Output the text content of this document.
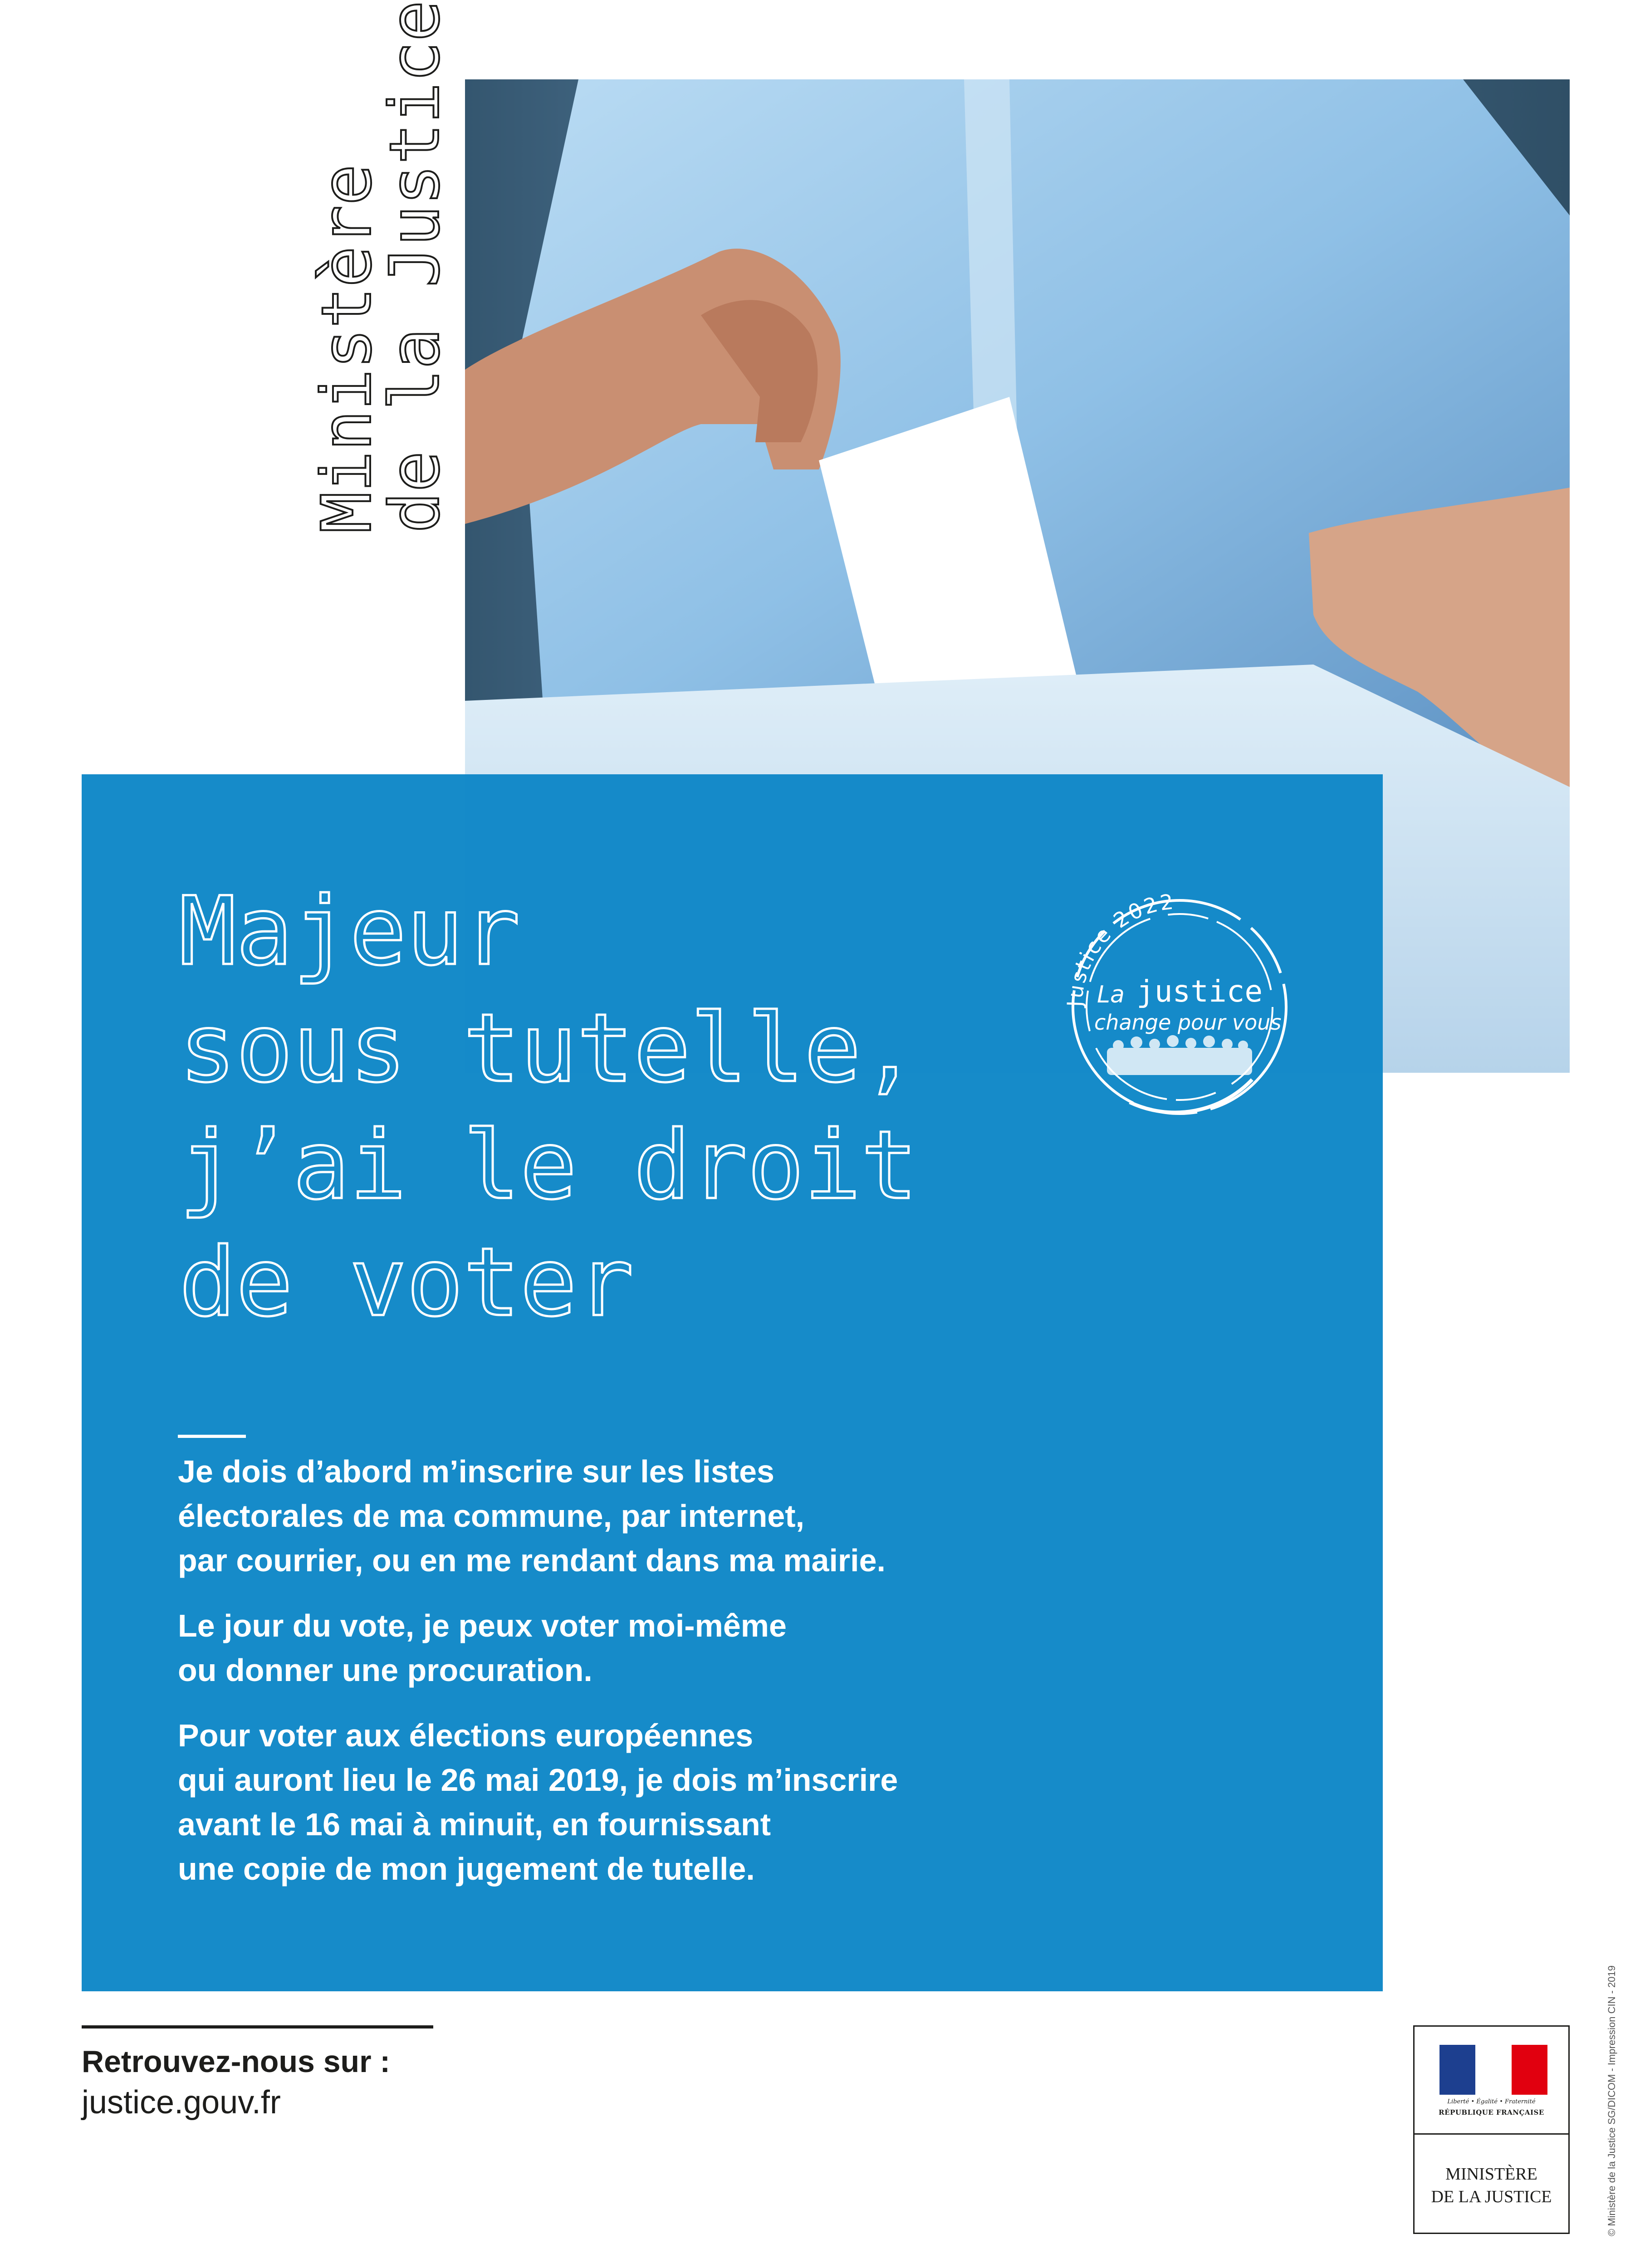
Ministère
de la Justice
Majeur
sous tutelle,
j’ai le droit
de voter

Je dois d’abord m’inscrire sur les listes
électorales de ma commune, par internet,
par courrier, ou en me rendant dans ma mairie.

Le jour du vote, je peux voter moi-même
ou donner une procuration.

Pour voter aux élections européennes
qui auront lieu le 26 mai 2019, je dois m’inscrire
avant le 16 mai à minuit, en fournissant
une copie de mon jugement de tutelle.

Justice 2022
La justice
change pour vous
Retrouvez-nous sur :
justice.gouv.fr	Liberté • Égalité • Fraternité
RÉPUBLIQUE FRANÇAISE
MINISTÈRE
DE LA JUSTICE	© Ministère de la Justice SG/DICOM - Impression CIN - 2019
